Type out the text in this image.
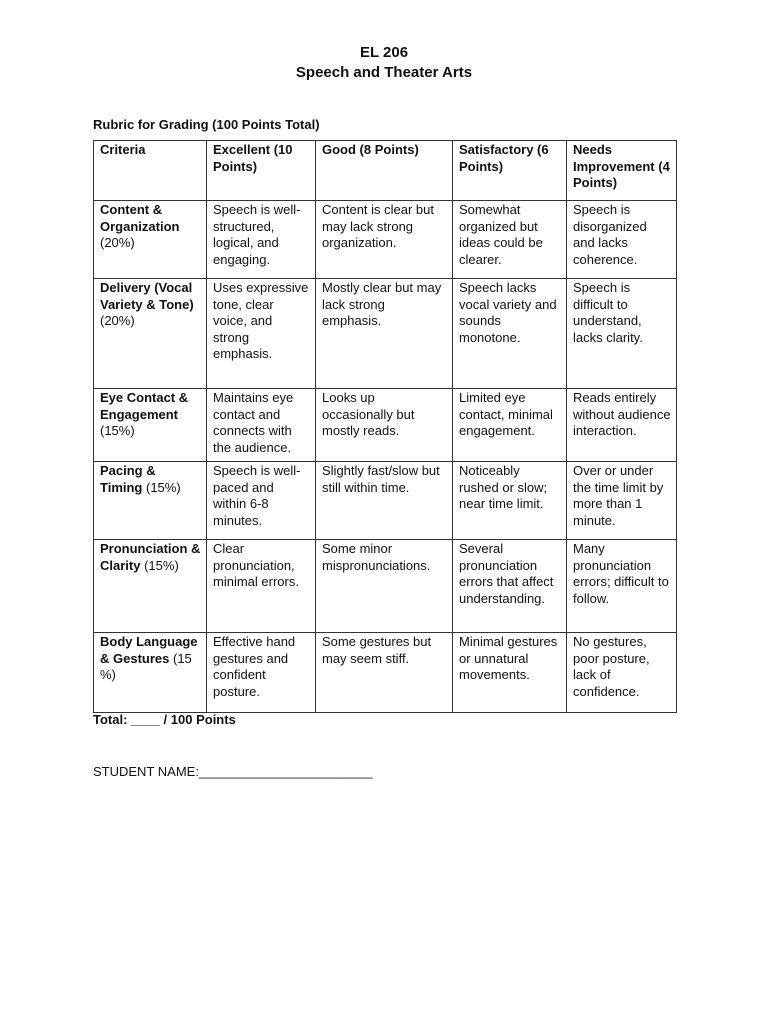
EL 206
Speech and Theater Arts
Rubric for Grading (100 Points Total)
Criteria	Excellent (10 Points)	Good (8 Points)	Satisfactory (6 Points)	Needs Improvement (4 Points)
Content & Organization (20%)	Speech is well-structured, logical, and engaging.	Content is clear but may lack strong organization.	Somewhat organized but ideas could be clearer.	Speech is disorganized and lacks coherence.
Delivery (Vocal Variety & Tone) (20%)	Uses expressive tone, clear voice, and strong emphasis.	Mostly clear but may lack strong emphasis.	Speech lacks vocal variety and sounds monotone.	Speech is difficult to understand, lacks clarity.
Eye Contact & Engagement (15%)	Maintains eye contact and connects with the audience.	Looks up occasionally but mostly reads.	Limited eye contact, minimal engagement.	Reads entirely without audience interaction.
Pacing & Timing (15%)	Speech is well-paced and within 6-8 minutes.	Slightly fast/slow but still within time.	Noticeably rushed or slow; near time limit.	Over or under the time limit by more than 1 minute.
Pronunciation & Clarity (15%)	Clear pronunciation, minimal errors.	Some minor mispronunciations.	Several pronunciation errors that affect understanding.	Many pronunciation errors; difficult to follow.
Body Language & Gestures (15 %)	Effective hand gestures and confident posture.	Some gestures but may seem stiff.	Minimal gestures or unnatural movements.	No gestures, poor posture, lack of confidence.
Total: ____ / 100 Points
STUDENT NAME:________________________
